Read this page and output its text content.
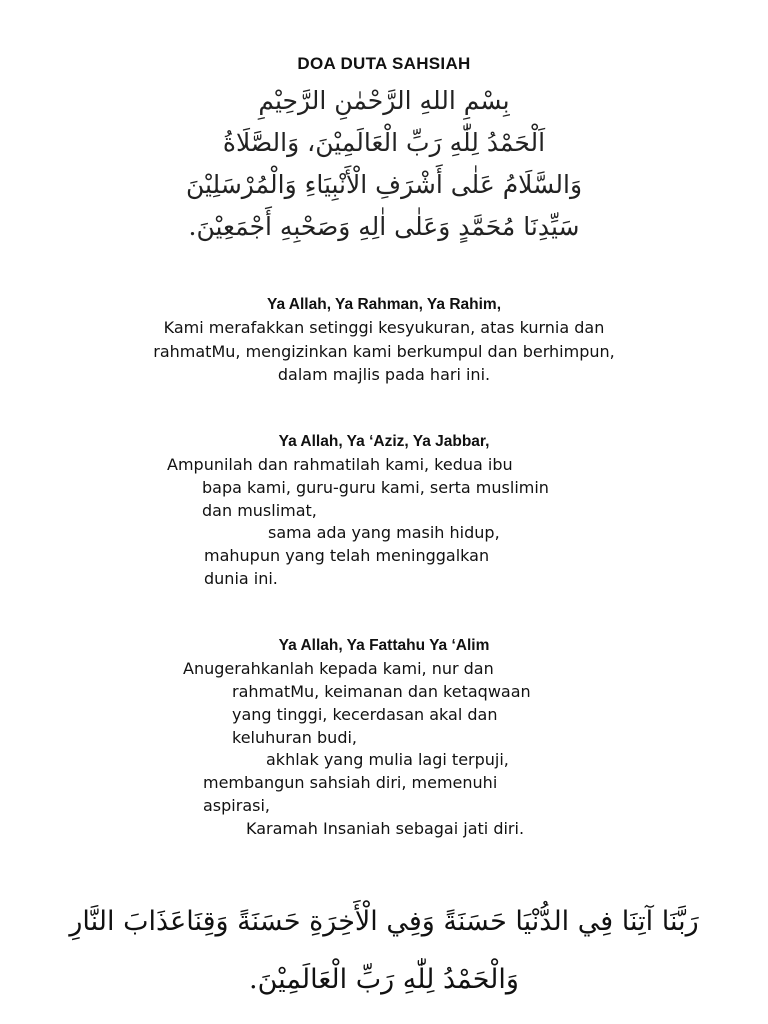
DOA DUTA SAHSIAH
بِسْمِ اللهِ الرَّحْمٰنِ الرَّحِيْمِ
اَلْحَمْدُ لِلّٰهِ رَبِّ الْعَالَمِيْنَ، وَالصَّلَاةُ
وَالسَّلَامُ عَلٰى أَشْرَفِ الْأَنْبِيَاءِ وَالْمُرْسَلِيْنَ
سَيِّدِنَا مُحَمَّدٍ وَعَلٰى اٰلِهِ وَصَحْبِهِ أَجْمَعِيْنَ.
Ya Allah, Ya Rahman, Ya Rahim,
Kami merafakkan setinggi kesyukuran, atas kurnia dan
rahmatMu, mengizinkan kami berkumpul dan berhimpun,
dalam majlis pada hari ini.
Ya Allah, Ya ‘Aziz, Ya Jabbar,
Ampunilah dan rahmatilah kami, kedua ibu
bapa kami, guru-guru kami, serta muslimin
dan muslimat,
sama ada yang masih hidup,
mahupun yang telah meninggalkan
dunia ini.
Ya Allah, Ya Fattahu Ya ‘Alim
Anugerahkanlah kepada kami, nur dan
rahmatMu, keimanan dan ketaqwaan
yang tinggi, kecerdasan akal dan
keluhuran budi,
akhlak yang mulia lagi terpuji,
membangun sahsiah diri, memenuhi
aspirasi,
Karamah Insaniah sebagai jati diri.
رَبَّنَا آتِنَا فِي الدُّنْيَا حَسَنَةً وَفِي الْأَخِرَةِ حَسَنَةً وَقِنَاعَذَابَ النَّارِ
وَالْحَمْدُ لِلّٰهِ رَبِّ الْعَالَمِيْنَ.
